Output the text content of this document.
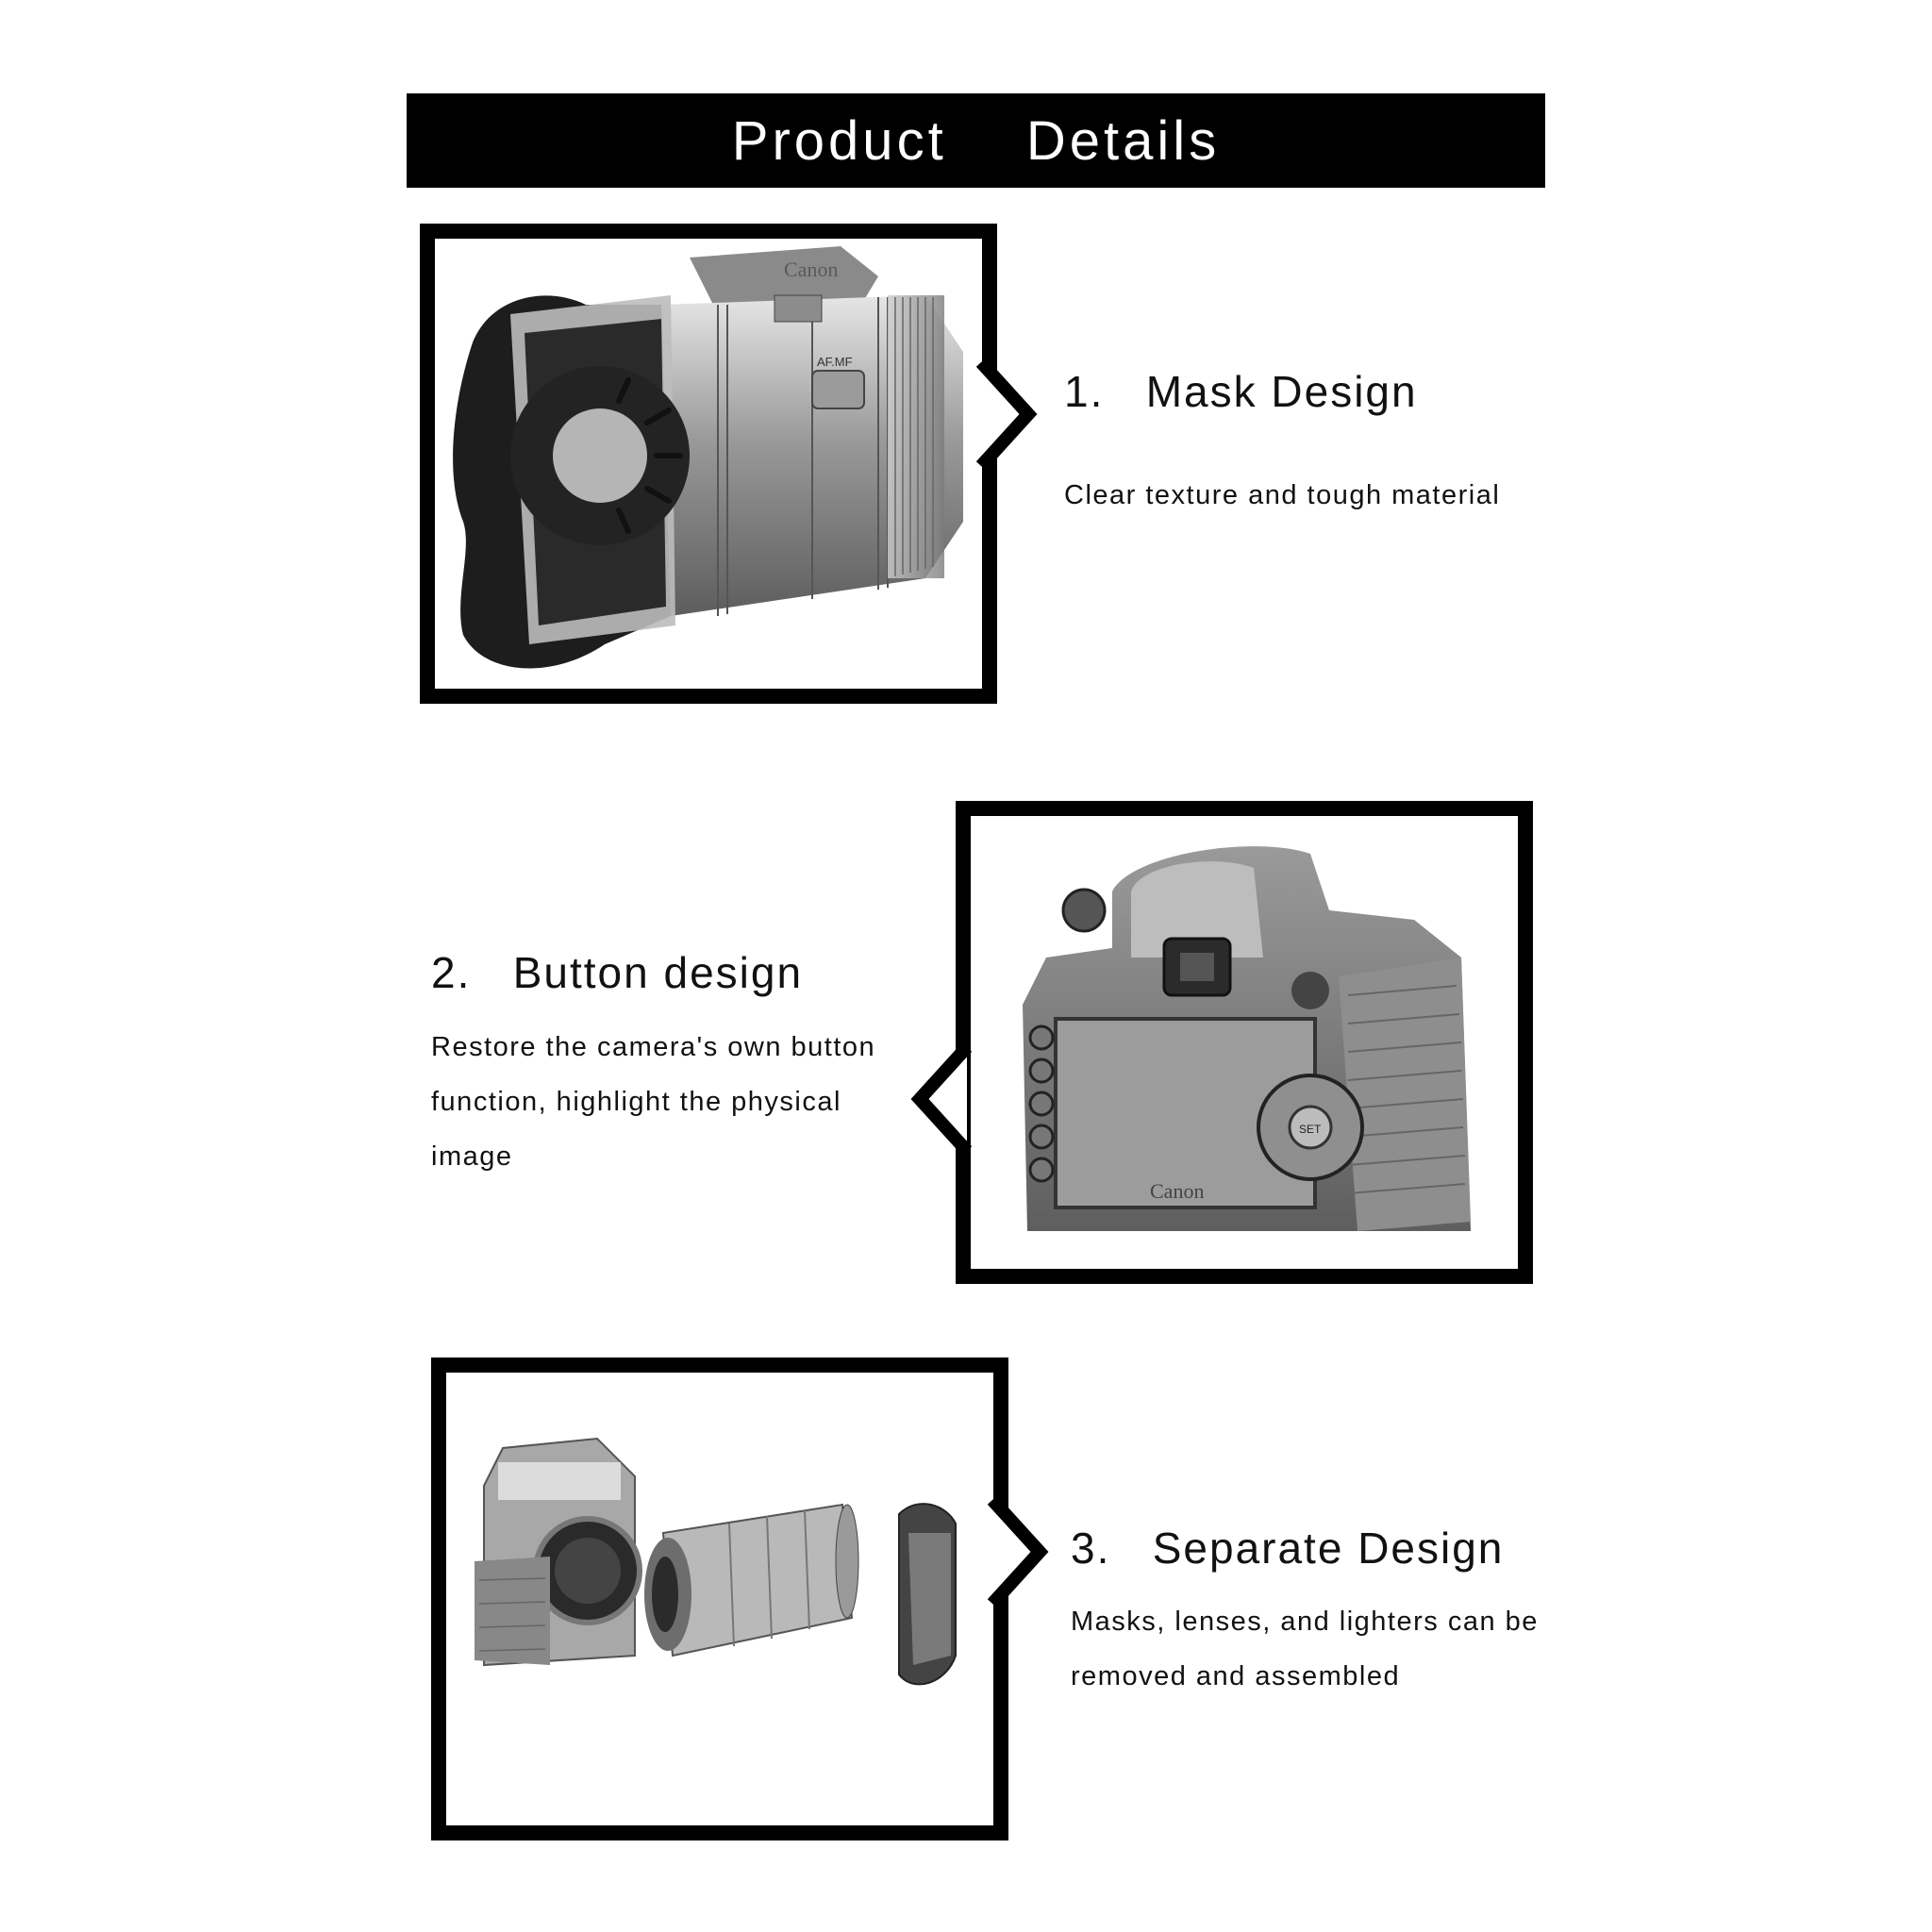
Product  Details
Canon
AF.MF
1. Mask Design

Clear texture and tough material

Canon
SET
2. Button design

Restore the camera's own button function, highlight the physical image

3. Separate Design

Masks, lenses, and lighters can be removed and assembled
